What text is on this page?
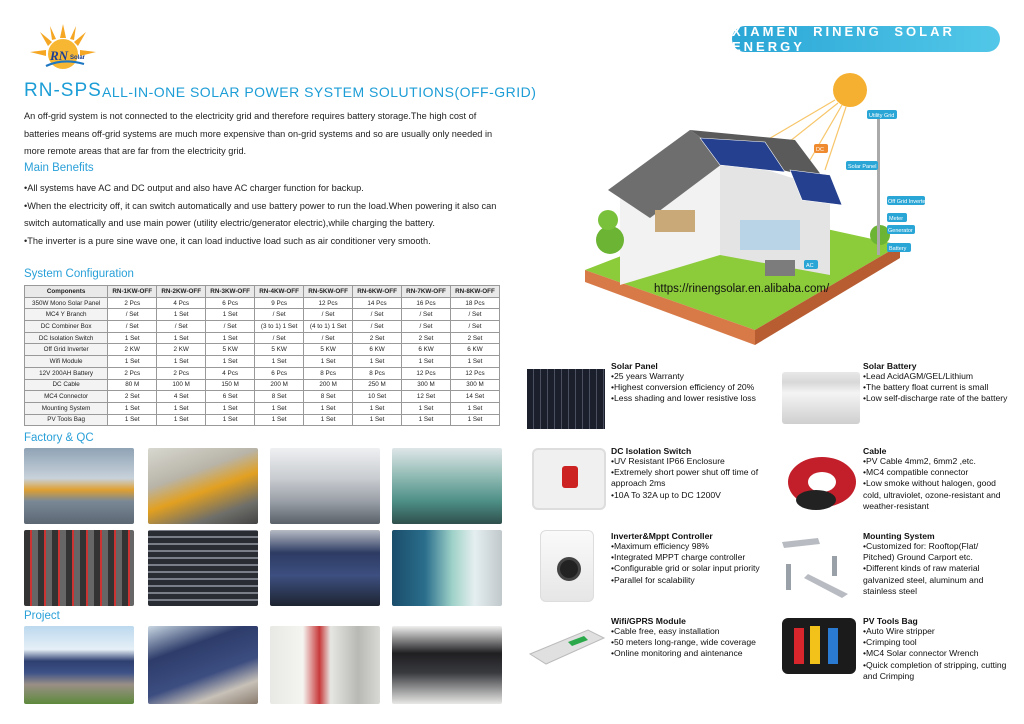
RN Solar
XIAMEN RINENG SOLAR ENERGY
RN-SPS ALL-IN-ONE SOLAR POWER SYSTEM SOLUTIONS(OFF-GRID)
An off-grid system is not connected to the electricity grid and therefore requires battery storage.The high cost of batteries means off-grid systems are much more expensive than on-grid systems and so are usually only needed in more remote areas that are far from the electricity grid.
Main Benefits
•All systems have AC and DC output and also have AC charger function for backup.
•When the electricity off, it can switch automatically and use battery power to run the load.When powering it also can switch automatically and use main power (utility electric/generator electric),while charging the battery.
•The inverter is a pure sine wave one, it can load inductive load such as air conditioner very smooth.
System Configuration
Components	RN-1KW-OFF	RN-2KW-OFF	RN-3KW-OFF	RN-4KW-OFF	RN-5KW-OFF	RN-6KW-OFF	RN-7KW-OFF	RN-8KW-OFF
350W Mono Solar Panel	2 Pcs	4 Pcs	6 Pcs	9 Pcs	12 Pcs	14 Pcs	16 Pcs	18 Pcs
MC4 Y Branch	/ Set	1 Set	1 Set	/ Set	/ Set	/ Set	/ Set	/ Set
DC Combiner Box	/ Set	/ Set	/ Set	(3 to 1) 1 Set	(4 to 1) 1 Set	/ Set	/ Set	/ Set
DC Isolation Switch	1 Set	1 Set	1 Set	/ Set	/ Set	2 Set	2 Set	2 Set
Off Grid Inverter	2 KW	2 KW	5 KW	5 KW	5 KW	6 KW	6 KW	6 KW
Wifi Module	1 Set	1 Set	1 Set	1 Set	1 Set	1 Set	1 Set	1 Set
12V 200AH Battery	2 Pcs	2 Pcs	4 Pcs	6 Pcs	8 Pcs	8 Pcs	12 Pcs	12 Pcs
DC Cable	80 M	100 M	150 M	200 M	200 M	250 M	300 M	300 M
MC4 Connector	2 Set	4 Set	6 Set	8 Set	8 Set	10 Set	12 Set	14 Set
Mounting System	1 Set	1 Set	1 Set	1 Set	1 Set	1 Set	1 Set	1 Set
PV Tools Bag	1 Set	1 Set	1 Set	1 Set	1 Set	1 Set	1 Set	1 Set
Factory & QC
Project
Utility Grid
DC
Solar Panel
Off Grid Inverter
Meter
Generator
Battery
AC
https://rinengsolar.en.alibaba.com/
Solar Panel
• 25 years Warranty
• Highest conversion efficiency of 20%
• Less shading and lower resistive loss
Solar Battery
• Lead AcidAGM/GEL/Lithium
• The battery float current is small
• Low self-discharge rate of the battery
DC Isolation Switch
• UV Resistant IP66 Enclosure
• Extremely short power shut off time of approach 2ms
• 10A To 32A up to DC 1200V
Cable
• PV Cable 4mm2, 6mm2 ,etc.
• MC4 compatible connector
• Low smoke without halogen, good cold, ultraviolet, ozone-resistant and weather-resistant
Inverter&Mppt Controller
• Maximum efficiency 98%
• Integrated MPPT charge controller
• Configurable grid or solar input priority
• Parallel for scalability
Mounting System
• Customized for: Rooftop(Flat/ Pitched) Ground Carport etc.
• Different kinds of raw material galvanized steel, aluminum and stainless steel
Wifi/GPRS Module
• Cable free, easy installation
• 50 meters long-range, wide coverage
• Online monitoring and aintenance
PV Tools Bag
• Auto Wire stripper
• Crimping tool
• MC4 Solar connector Wrench
• Quick completion of stripping, cutting and Crimping
